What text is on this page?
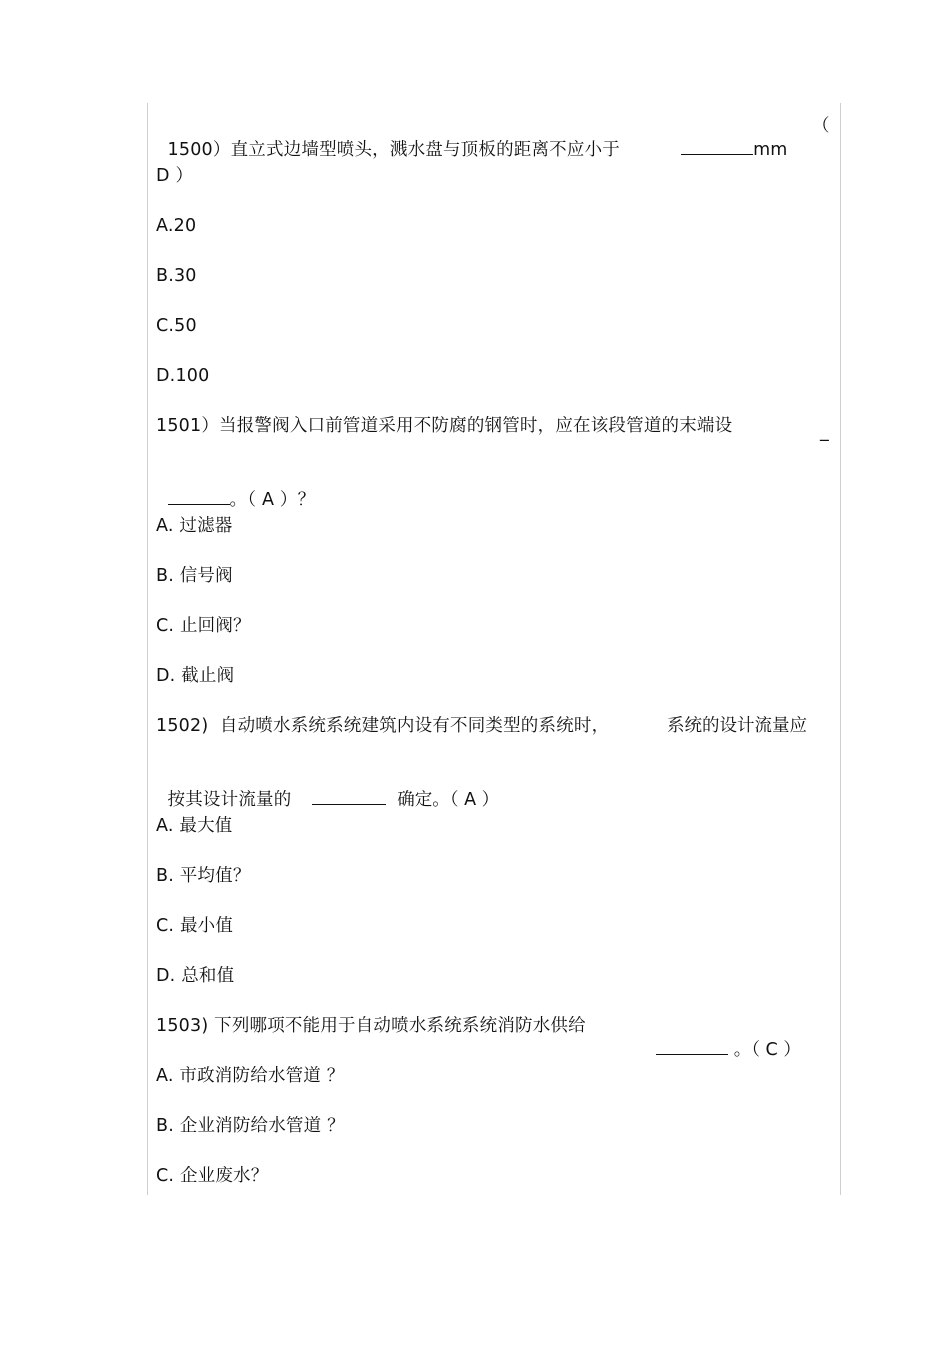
1500）直立式边墙型喷头，溅水盘与顶板的距离不应小于	mm

（
D ）
A.20
B.30
C.50
D.100
1501）当报警阀入口前管道采用不防腐的钢管时，应在该段管道的末端设	_

。（ A ）？

A. 过滤器
B. 信号阀
C. 止回阀？
D. 截止阀
1502)  自动喷水系统系统建筑内设有不同类型的系统时，	系统的设计流量应

按其设计流量的	确定。（ A ）

A. 最大值
B. 平均值？
C. 最小值
D. 总和值
1503) 下列哪项不能用于自动喷水系统系统消防水供给

。（ C ）

A. 市政消防给水管道 ？
B. 企业消防给水管道 ？
C. 企业废水？
